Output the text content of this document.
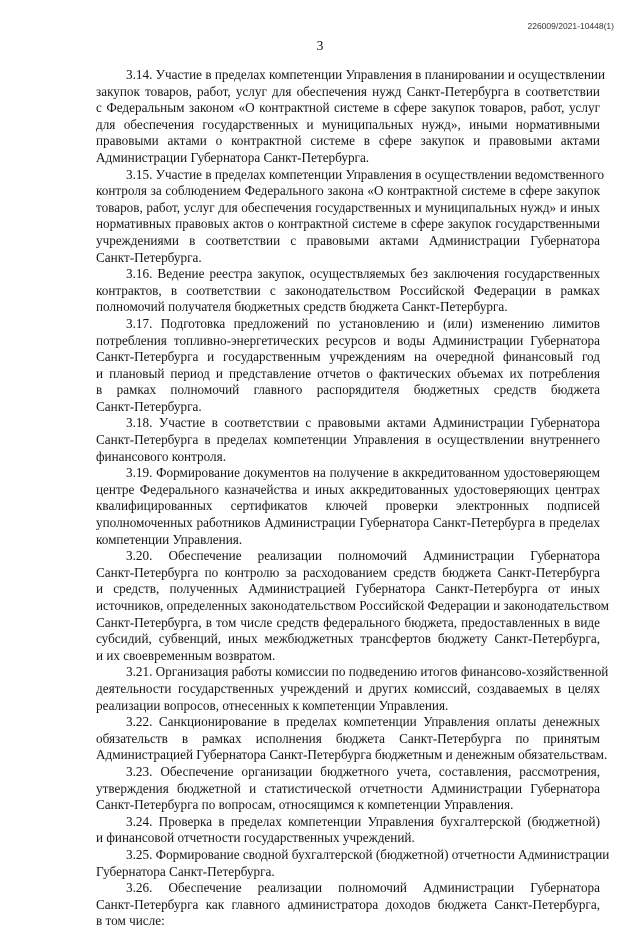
226009/2021-10448(1)
3
3.14. Участие в пределах компетенции Управления в планировании и осуществлении
закупок товаров, работ, услуг для обеспечения нужд Санкт-Петербурга в соответствии
с Федеральным законом «О контрактной системе в сфере закупок товаров, работ, услуг
для обеспечения государственных и муниципальных нужд», иными нормативными
правовыми актами о контрактной системе в сфере закупок и правовыми актами
Администрации Губернатора Санкт-Петербурга.
3.15. Участие в пределах компетенции Управления в осуществлении ведомственного
контроля за соблюдением Федерального закона «О контрактной системе в сфере закупок
товаров, работ, услуг для обеспечения государственных и муниципальных нужд» и иных
нормативных правовых актов о контрактной системе в сфере закупок государственными
учреждениями в соответствии с правовыми актами Администрации Губернатора
Санкт-Петербурга.
3.16. Ведение реестра закупок, осуществляемых без заключения государственных
контрактов, в соответствии с законодательством Российской Федерации в рамках
полномочий получателя бюджетных средств бюджета Санкт-Петербурга.
3.17. Подготовка предложений по установлению и (или) изменению лимитов
потребления топливно-энергетических ресурсов и воды Администрации Губернатора
Санкт-Петербурга и государственным учреждениям на очередной финансовый год
и плановый период и представление отчетов о фактических объемах их потребления
в рамках полномочий главного распорядителя бюджетных средств бюджета
Санкт-Петербурга.
3.18. Участие в соответствии с правовыми актами Администрации Губернатора
Санкт-Петербурга в пределах компетенции Управления в осуществлении внутреннего
финансового контроля.
3.19. Формирование документов на получение в аккредитованном удостоверяющем
центре Федерального казначейства и иных аккредитованных удостоверяющих центрах
квалифицированных сертификатов ключей проверки электронных подписей
уполномоченных работников Администрации Губернатора Санкт-Петербурга в пределах
компетенции Управления.
3.20. Обеспечение реализации полномочий Администрации Губернатора
Санкт-Петербурга по контролю за расходованием средств бюджета Санкт-Петербурга
и средств, полученных Администрацией Губернатора Санкт-Петербурга от иных
источников, определенных законодательством Российской Федерации и законодательством
Санкт-Петербурга, в том числе средств федерального бюджета, предоставленных в виде
субсидий, субвенций, иных межбюджетных трансфертов бюджету Санкт-Петербурга,
и их своевременным возвратом.
3.21. Организация работы комиссии по подведению итогов финансово-хозяйственной
деятельности государственных учреждений и других комиссий, создаваемых в целях
реализации вопросов, отнесенных к компетенции Управления.
3.22. Санкционирование в пределах компетенции Управления оплаты денежных
обязательств в рамках исполнения бюджета Санкт-Петербурга по принятым
Администрацией Губернатора Санкт-Петербурга бюджетным и денежным обязательствам.
3.23. Обеспечение организации бюджетного учета, составления, рассмотрения,
утверждения бюджетной и статистической отчетности Администрации Губернатора
Санкт-Петербурга по вопросам, относящимся к компетенции Управления.
3.24. Проверка в пределах компетенции Управления бухгалтерской (бюджетной)
и финансовой отчетности государственных учреждений.
3.25. Формирование сводной бухгалтерской (бюджетной) отчетности Администрации
Губернатора Санкт-Петербурга.
3.26. Обеспечение реализации полномочий Администрации Губернатора
Санкт-Петербурга как главного администратора доходов бюджета Санкт-Петербурга,
в том числе:
